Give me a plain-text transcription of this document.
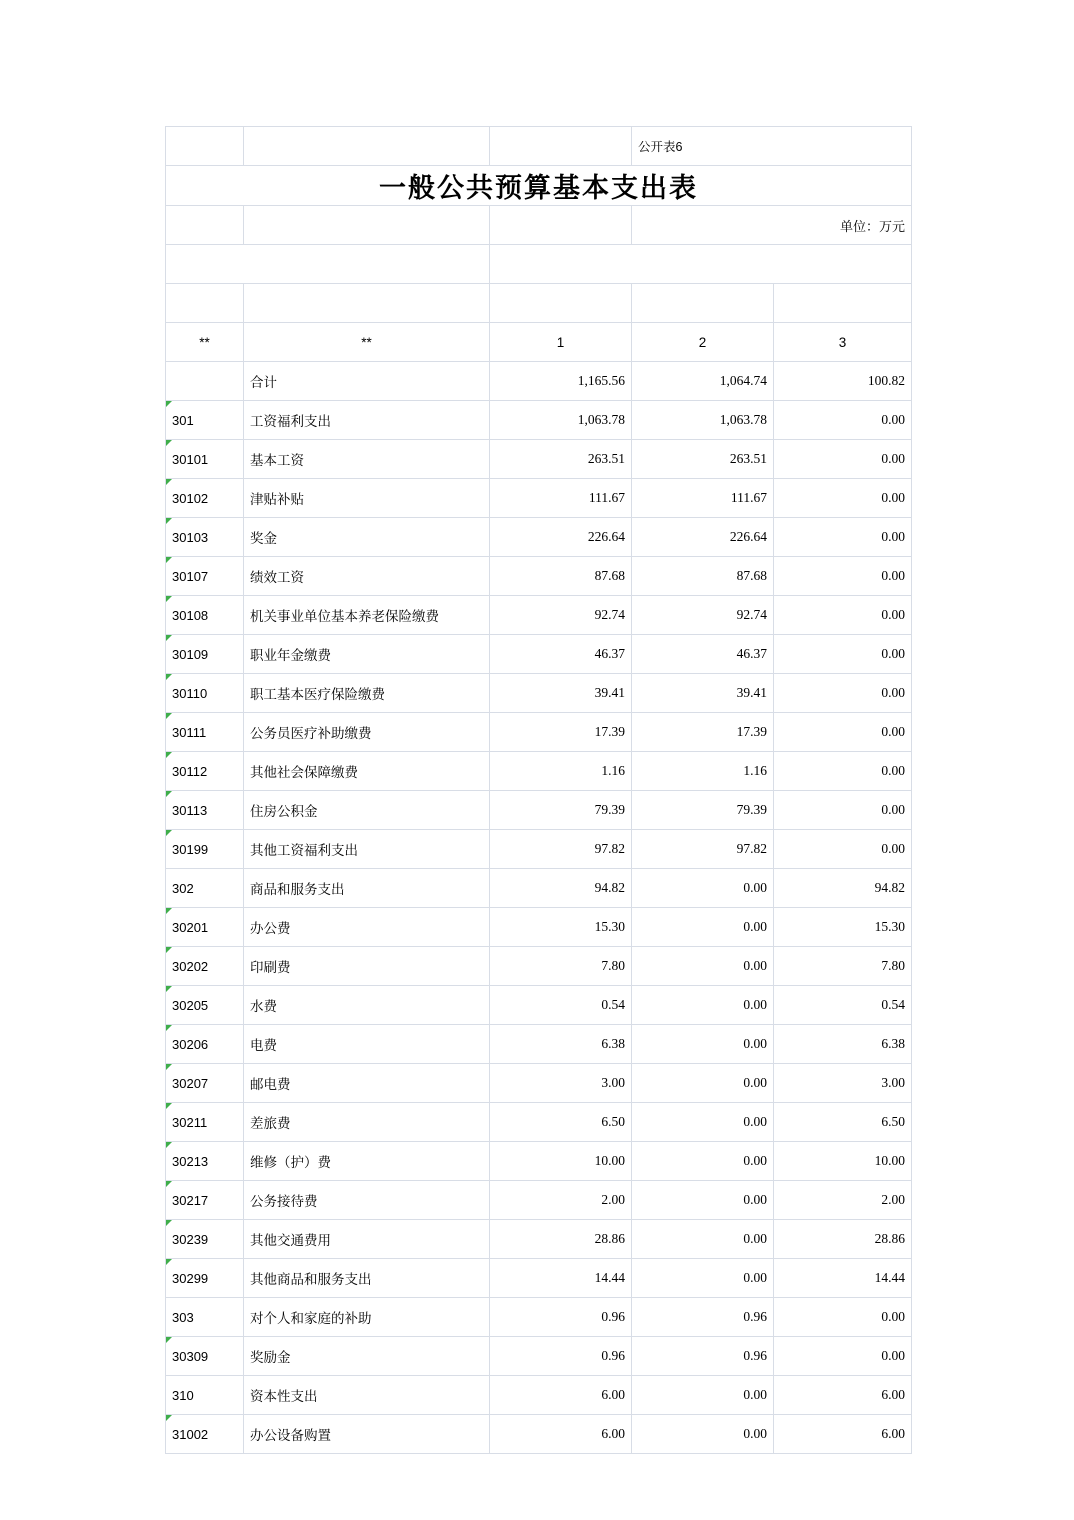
			公开表6	
一般公共预算基本支出表				
			单位：万元	
支出经济分类科目		2026年预算数		
科目编码	科目名称	合计	人员经费	公用经费
**	**	1	2	3
	合计	1,165.56	1,064.74	100.82
301	工资福利支出	1,063.78	1,063.78	0.00
30101	基本工资	263.51	263.51	0.00
30102	津贴补贴	111.67	111.67	0.00
30103	奖金	226.64	226.64	0.00
30107	绩效工资	87.68	87.68	0.00
30108	机关事业单位基本养老保险缴费	92.74	92.74	0.00
30109	职业年金缴费	46.37	46.37	0.00
30110	职工基本医疗保险缴费	39.41	39.41	0.00
30111	公务员医疗补助缴费	17.39	17.39	0.00
30112	其他社会保障缴费	1.16	1.16	0.00
30113	住房公积金	79.39	79.39	0.00
30199	其他工资福利支出	97.82	97.82	0.00
302	商品和服务支出	94.82	0.00	94.82
30201	办公费	15.30	0.00	15.30
30202	印刷费	7.80	0.00	7.80
30205	水费	0.54	0.00	0.54
30206	电费	6.38	0.00	6.38
30207	邮电费	3.00	0.00	3.00
30211	差旅费	6.50	0.00	6.50
30213	维修（护）费	10.00	0.00	10.00
30217	公务接待费	2.00	0.00	2.00
30239	其他交通费用	28.86	0.00	28.86
30299	其他商品和服务支出	14.44	0.00	14.44
303	对个人和家庭的补助	0.96	0.96	0.00
30309	奖励金	0.96	0.96	0.00
310	资本性支出	6.00	0.00	6.00
31002	办公设备购置	6.00	0.00	6.00
